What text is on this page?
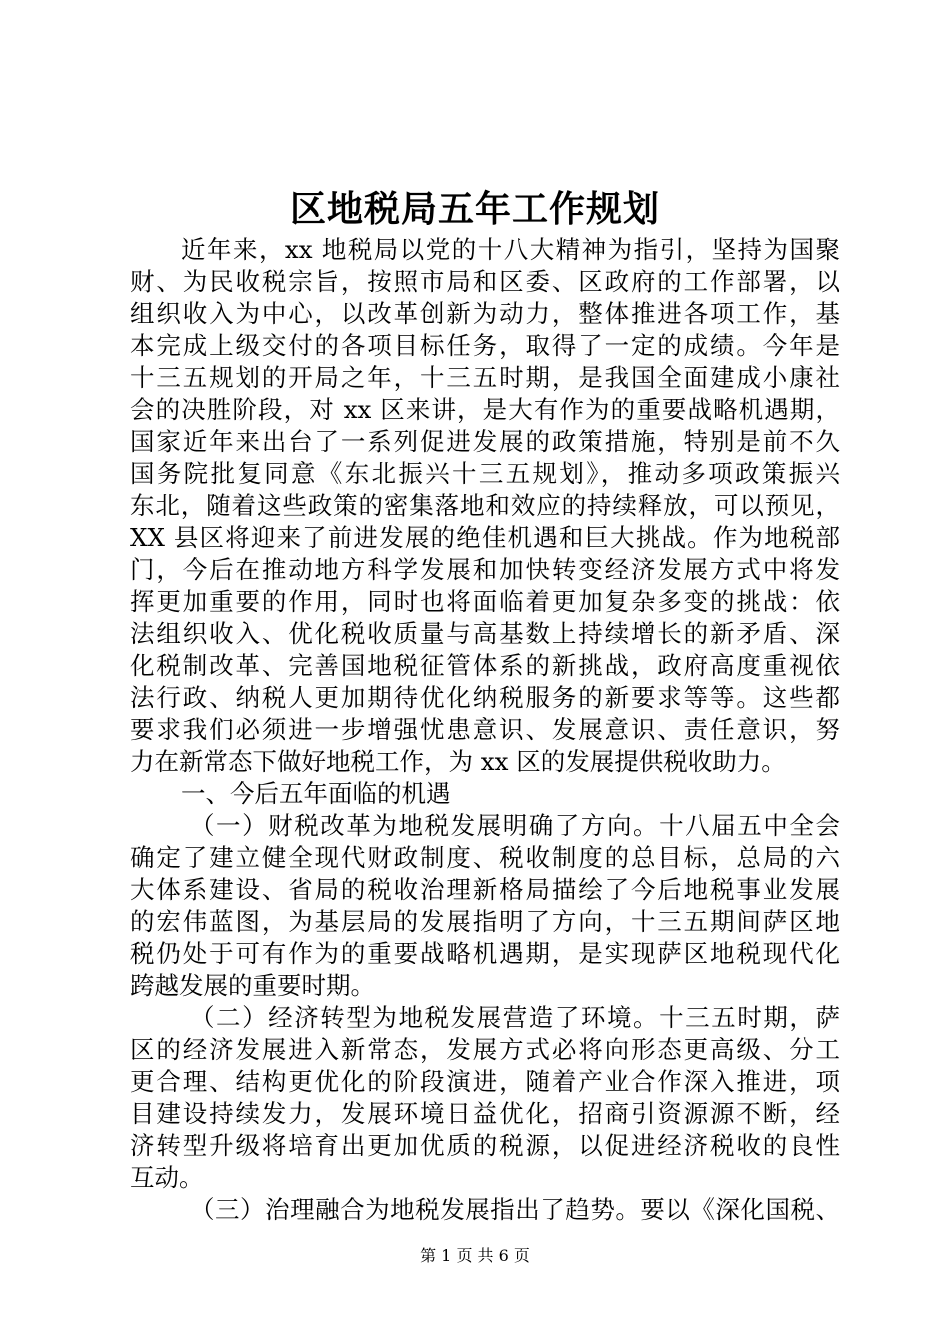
区地税局五年工作规划
近年来，xx 地税局以党的十八大精神为指引，坚持为国聚
财、为民收税宗旨，按照市局和区委、区政府的工作部署，以
组织收入为中心，以改革创新为动力，整体推进各项工作，基
本完成上级交付的各项目标任务，取得了一定的成绩。今年是
十三五规划的开局之年，十三五时期，是我国全面建成小康社
会的决胜阶段，对 xx 区来讲，是大有作为的重要战略机遇期，
国家近年来出台了一系列促进发展的政策措施，特别是前不久
国务院批复同意《东北振兴十三五规划》，推动多项政策振兴
东北，随着这些政策的密集落地和效应的持续释放，可以预见，
XX 县区将迎来了前进发展的绝佳机遇和巨大挑战。作为地税部
门，今后在推动地方科学发展和加快转变经济发展方式中将发
挥更加重要的作用，同时也将面临着更加复杂多变的挑战：依
法组织收入、优化税收质量与高基数上持续增长的新矛盾、深
化税制改革、完善国地税征管体系的新挑战，政府高度重视依
法行政、纳税人更加期待优化纳税服务的新要求等等。这些都
要求我们必须进一步增强忧患意识、发展意识、责任意识，努
力在新常态下做好地税工作，为 xx 区的发展提供税收助力。
一、今后五年面临的机遇
（一）财税改革为地税发展明确了方向。十八届五中全会
确定了建立健全现代财政制度、税收制度的总目标，总局的六
大体系建设、省局的税收治理新格局描绘了今后地税事业发展
的宏伟蓝图，为基层局的发展指明了方向，十三五期间萨区地
税仍处于可有作为的重要战略机遇期，是实现萨区地税现代化
跨越发展的重要时期。
（二）经济转型为地税发展营造了环境。十三五时期，萨
区的经济发展进入新常态，发展方式必将向形态更高级、分工
更合理、结构更优化的阶段演进，随着产业合作深入推进，项
目建设持续发力，发展环境日益优化，招商引资源源不断，经
济转型升级将培育出更加优质的税源，以促进经济税收的良性
互动。
（三）治理融合为地税发展指出了趋势。要以《深化国税、
第 1 页 共 6 页
